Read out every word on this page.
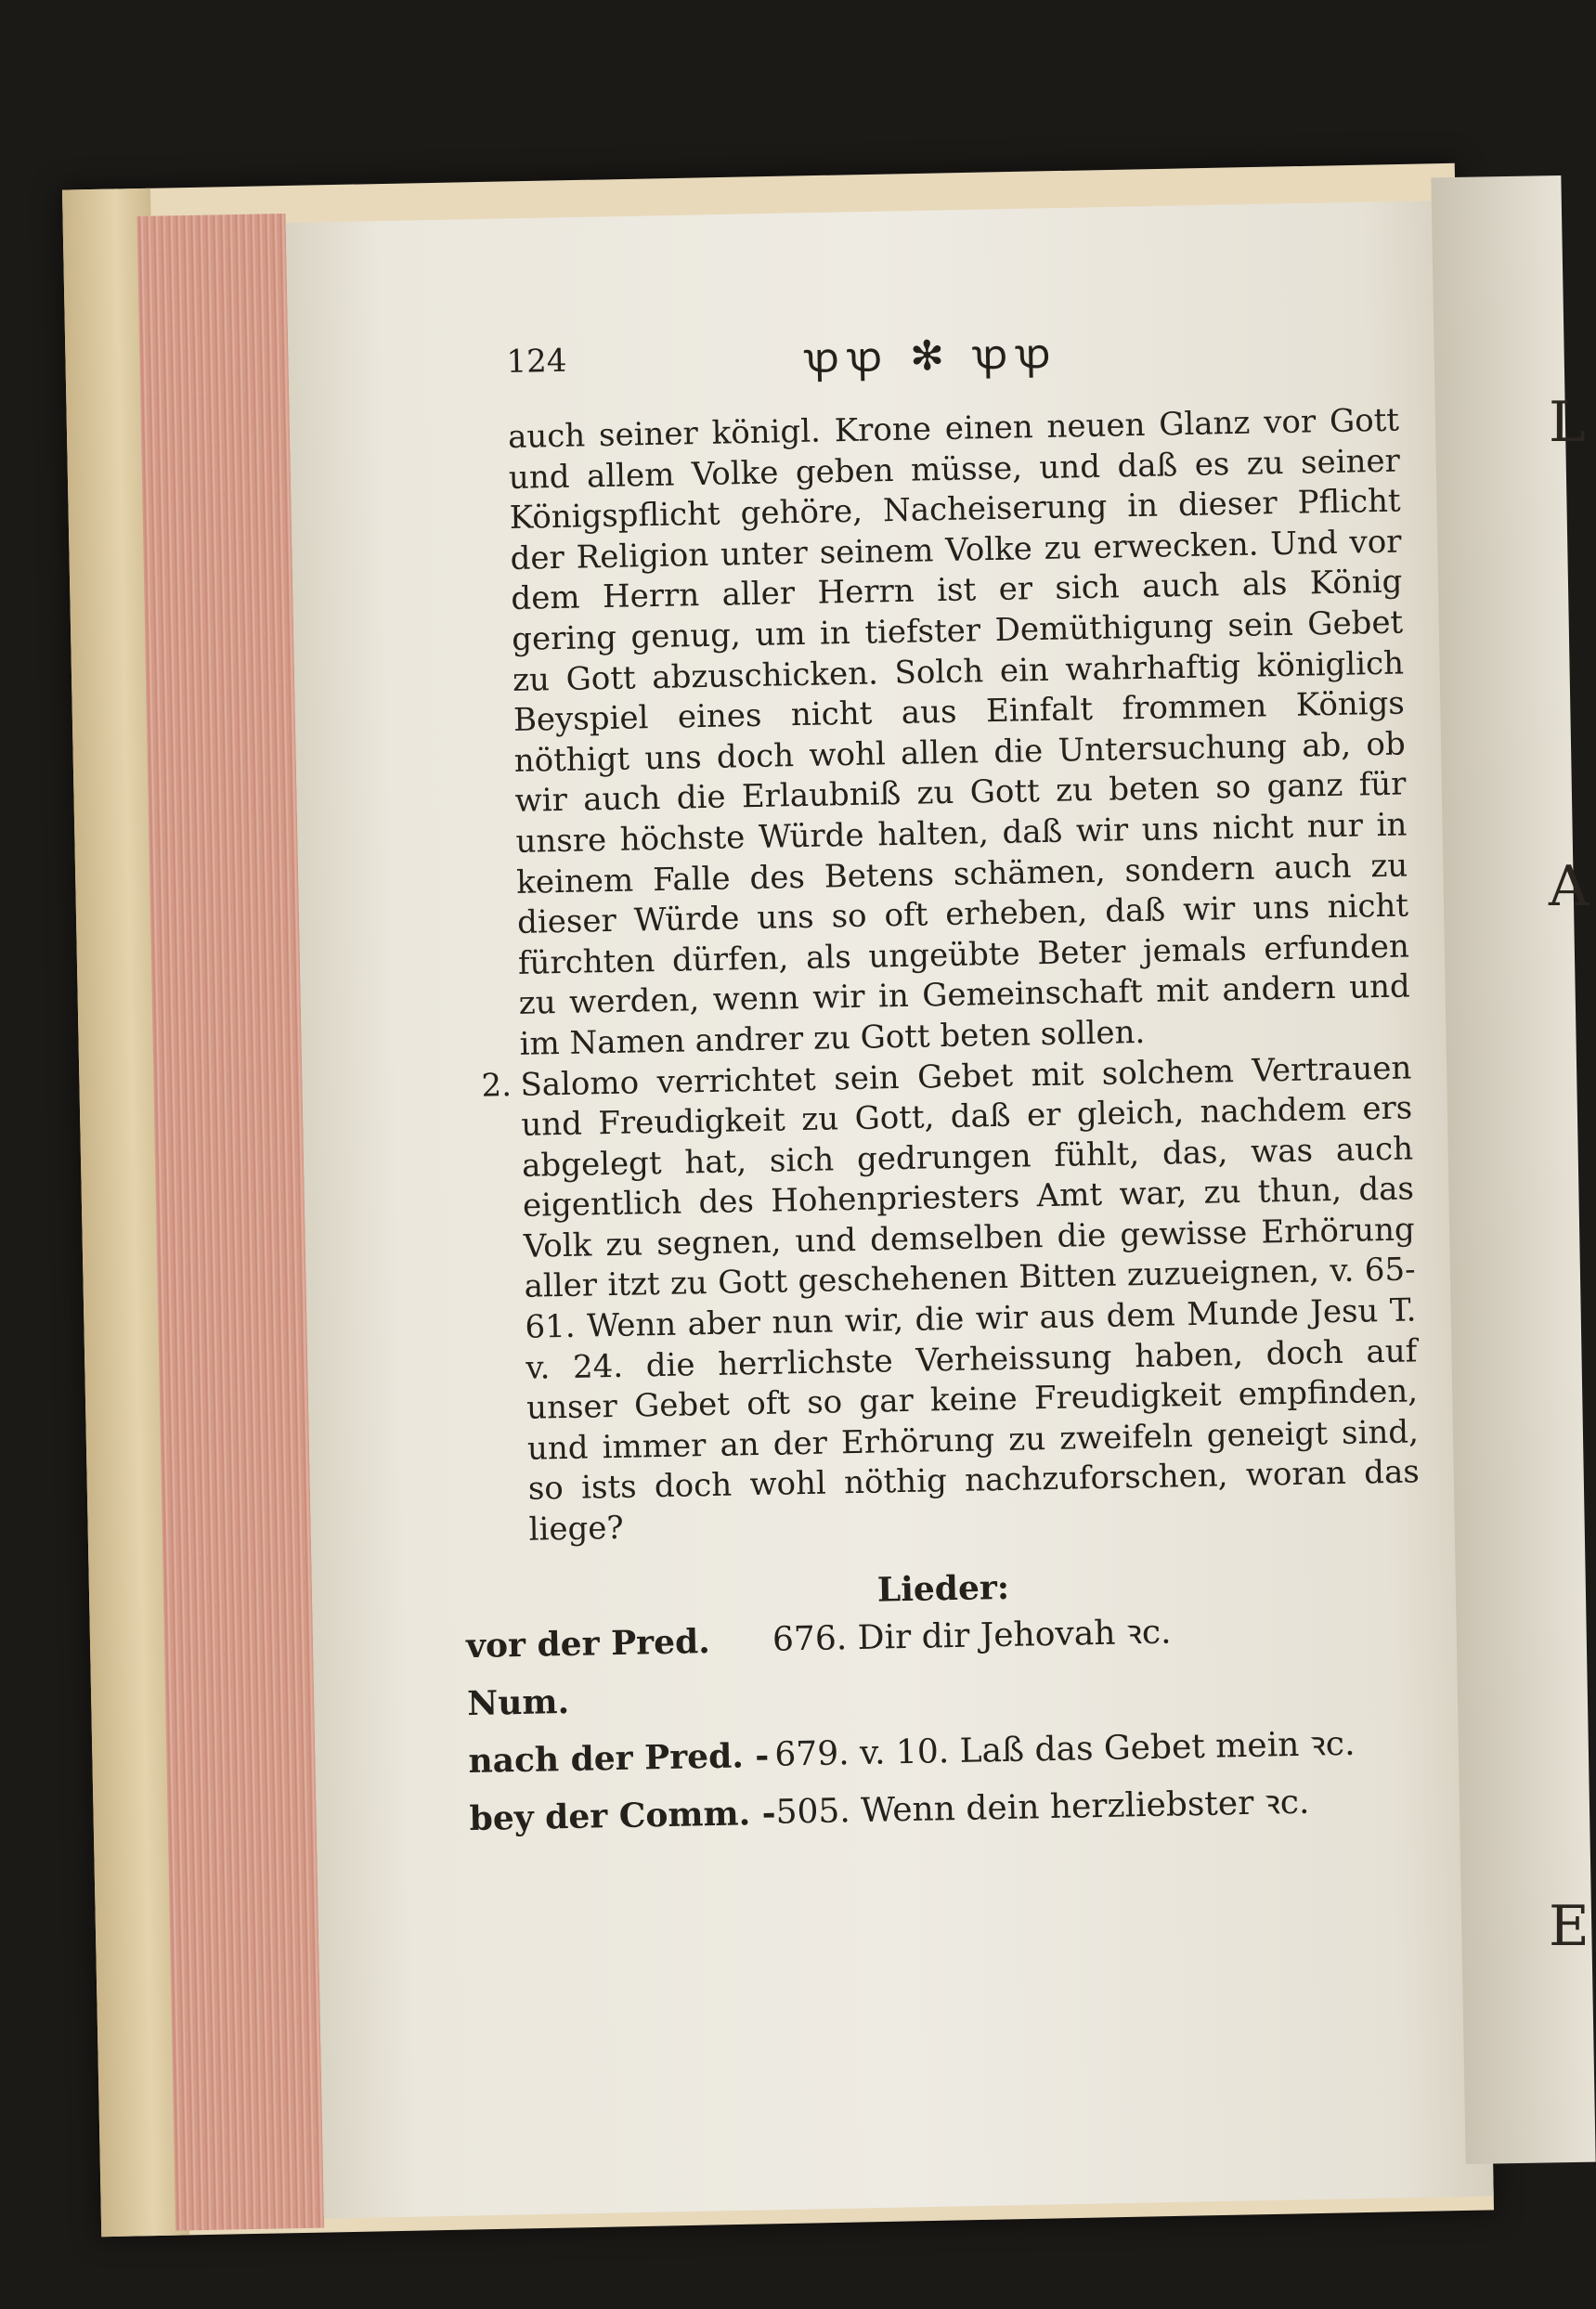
L
A
E
124	ꝕꝕ ✻ ꝕꝕ

auch seiner königl. Krone einen neuen Glanz vor Gott und allem Volke geben müsse, und daß es zu seiner Königspflicht gehöre, Nacheiserung in dieser Pflicht der Religion unter seinem Volke zu erwecken. Und vor dem Herrn aller Herrn ist er sich auch als König gering genug, um in tiefster Demüthigung sein Gebet zu Gott abzuschicken. Solch ein wahrhaftig königlich Beyspiel eines nicht aus Einfalt frommen Königs nöthigt uns doch wohl allen die Untersuchung ab, ob wir auch die Erlaubniß zu Gott zu beten so ganz für unsre höchste Würde halten, daß wir uns nicht nur in keinem Falle des Betens schämen, sondern auch zu dieser Würde uns so oft erheben, daß wir uns nicht fürchten dürfen, als ungeübte Beter jemals erfunden zu werden, wenn wir in Gemeinschaft mit andern und im Namen andrer zu Gott beten sollen.

2. Salomo verrichtet sein Gebet mit solchem Vertrauen und Freudigkeit zu Gott, daß er gleich, nachdem ers abgelegt hat, sich gedrungen fühlt, das, was auch eigentlich des Hohenpriesters Amt war, zu thun, das Volk zu segnen, und demselben die gewisse Erhörung aller itzt zu Gott geschehenen Bitten zuzueignen, v. 65-61. Wenn aber nun wir, die wir aus dem Munde Jesu T. v. 24. die herrlichste Verheissung haben, doch auf unser Gebet oft so gar keine Freudigkeit empfinden, und immer an der Erhörung zu zweifeln geneigt sind, so ists doch wohl nöthig nachzuforschen, woran das liege?

Lieder:
vor der Pred. Num.
676. Dir dir Jehovah ꝛc.
nach der Pred. - 679. v. 10. Laß das Gebet mein ꝛc.
bey der Comm. - 505. Wenn dein herzliebster ꝛc.
